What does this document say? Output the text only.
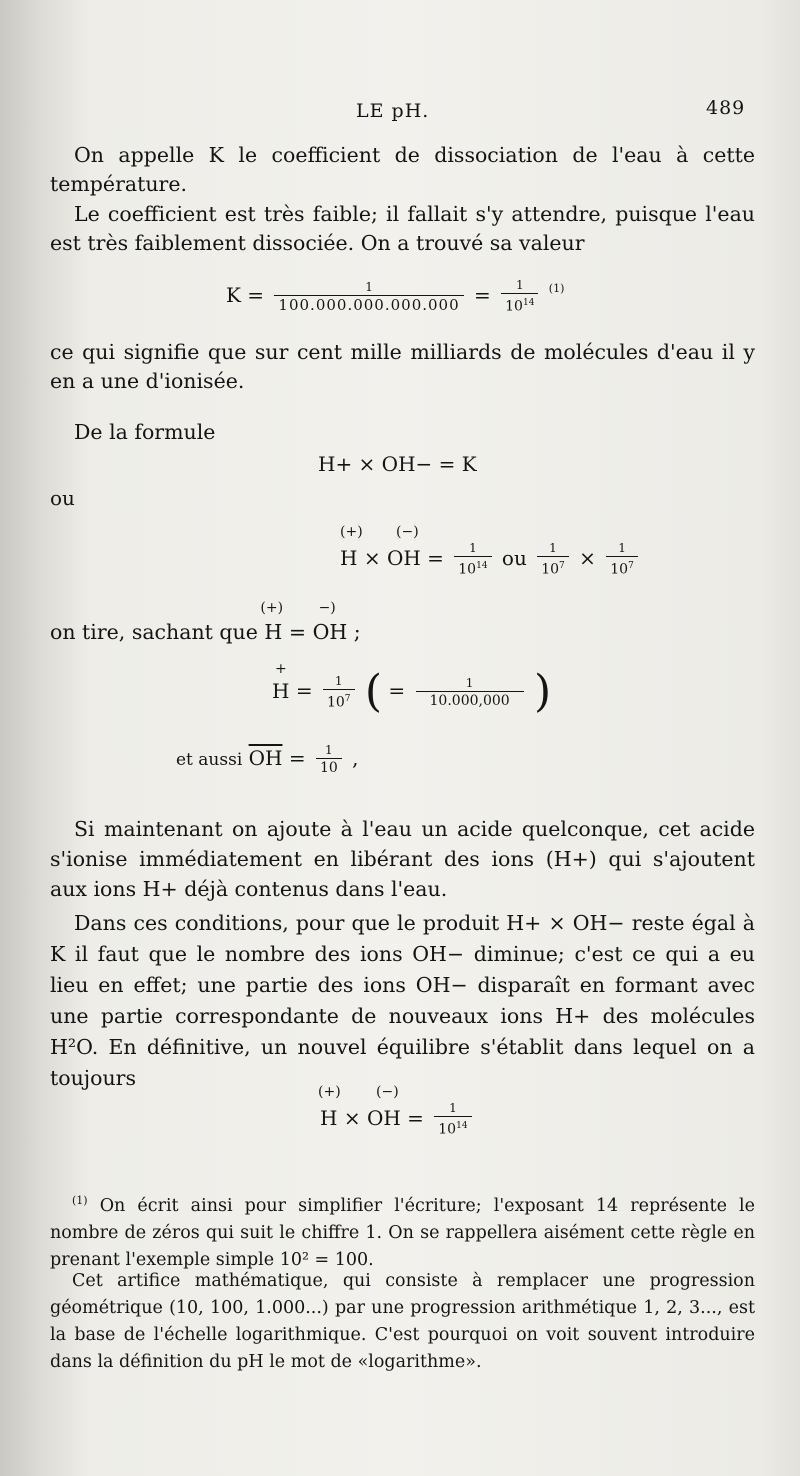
LE pH.	489
On appelle K le coefficient de dissociation de l'eau à cette température.
Le coefficient est très faible; il fallait s'y attendre, puisque l'eau est très faiblement dissociée. On a trouvé sa valeur
$K = \frac{1}{100.000.000.000.000} = \frac{1}{10^{14}} ^{(1)}$
ce qui signifie que sur cent mille milliards de molécules d'eau il y en a une d'ionisée.
De la formule
H+ × OH− = K
ou
(+) (−)
H × OH = $\frac{1}{10^{14}}$ ou $\frac{1}{10^7} \times \frac{1}{10^7}$
on tire, sachant que
(+)
H =
−)
OH ;
+
$H = \frac{1}{10^7}$ ( = $\frac{1}{10.000,000}$ )
et aussi $\overline{OH} = \frac{1}{10}$ ,
Si maintenant on ajoute à l'eau un acide quelconque, cet acide s'ionise immédiatement en libérant des ions (H+) qui s'ajoutent aux ions H+ déjà contenus dans l'eau.
Dans ces conditions, pour que le produit H+ × OH− reste égal à K il faut que le nombre des ions OH− diminue; c'est ce qui a eu lieu en effet; une partie des ions OH− disparaît en formant avec une partie correspondante de nouveaux ions H+ des molécules H²O. En définitive, un nouvel équilibre s'établit dans lequel on a toujours
(+)	(−)
H × OH = $\frac{1}{10^{14}}$
$^{(1)}$ On écrit ainsi pour simplifier l'écriture; l'exposant 14 représente le nombre de zéros qui suit le chiffre 1. On se rappellera aisément cette règle en prenant l'exemple simple 10² = 100.
Cet artifice mathématique, qui consiste à remplacer une progression géométrique (10, 100, 1.000...) par une progression arithmétique 1, 2, 3..., est la base de l'échelle logarithmique. C'est pourquoi on voit souvent introduire dans la définition du pH le mot de «logarithme».
